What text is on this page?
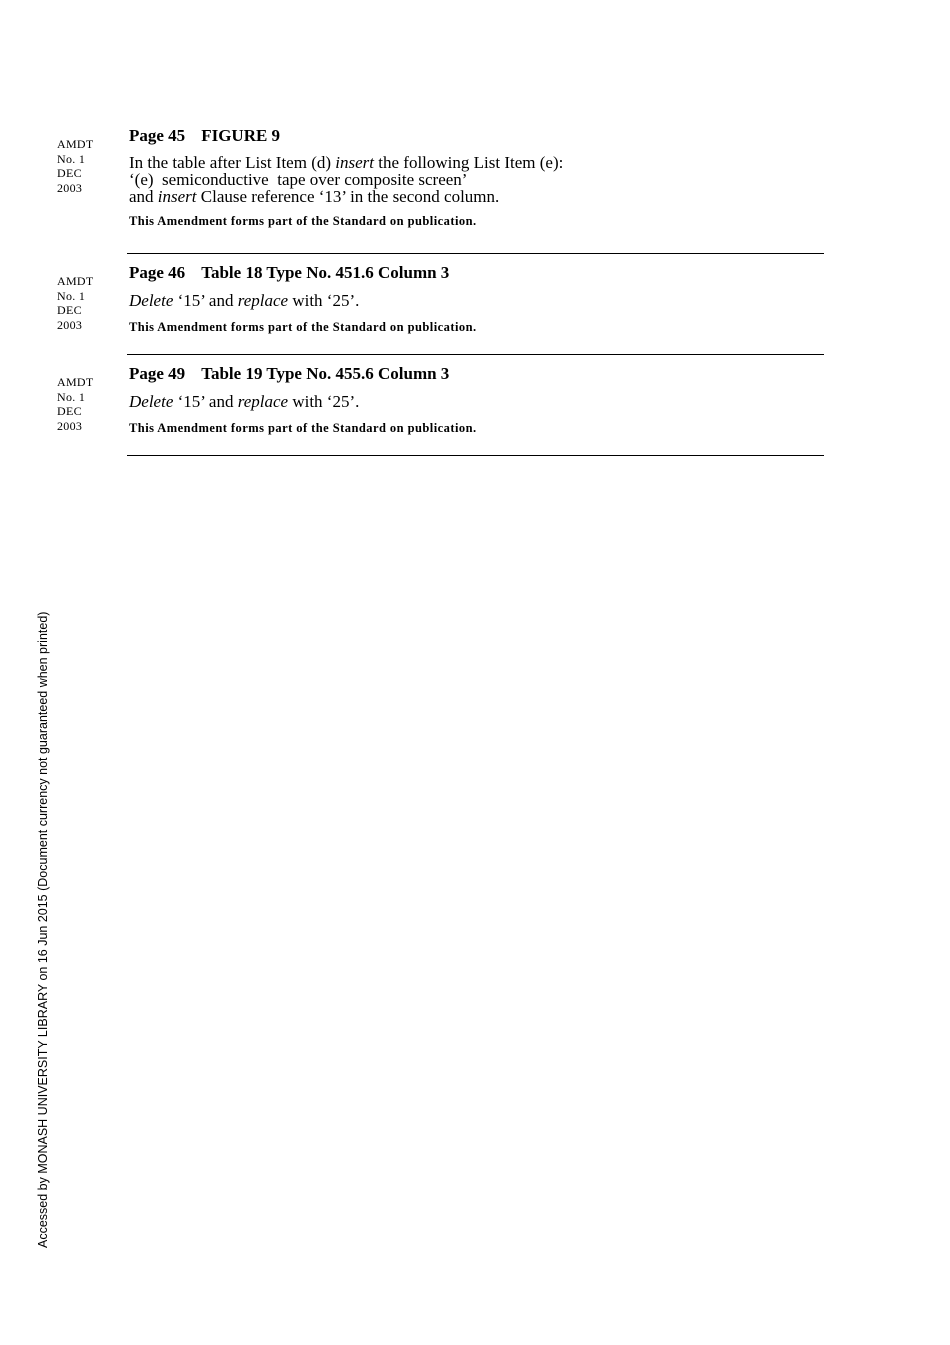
AMDT
No. 1
DEC
2003

Page 45 FIGURE 9

In the table after List Item (d) insert the following List Item (e):

‘(e)  semiconductive  tape over composite screen’

and insert Clause reference ‘13’ in the second column.

This Amendment forms part of the Standard on publication.

AMDT
No. 1
DEC
2003

Page 46 Table 18 Type No. 451.6 Column 3

Delete ‘15’ and replace with ‘25’.

This Amendment forms part of the Standard on publication.

AMDT
No. 1
DEC
2003

Page 49 Table 19 Type No. 455.6 Column 3

Delete ‘15’ and replace with ‘25’.

This Amendment forms part of the Standard on publication.

Accessed by MONASH UNIVERSITY LIBRARY on 16 Jun 2015 (Document currency not guaranteed when printed)
